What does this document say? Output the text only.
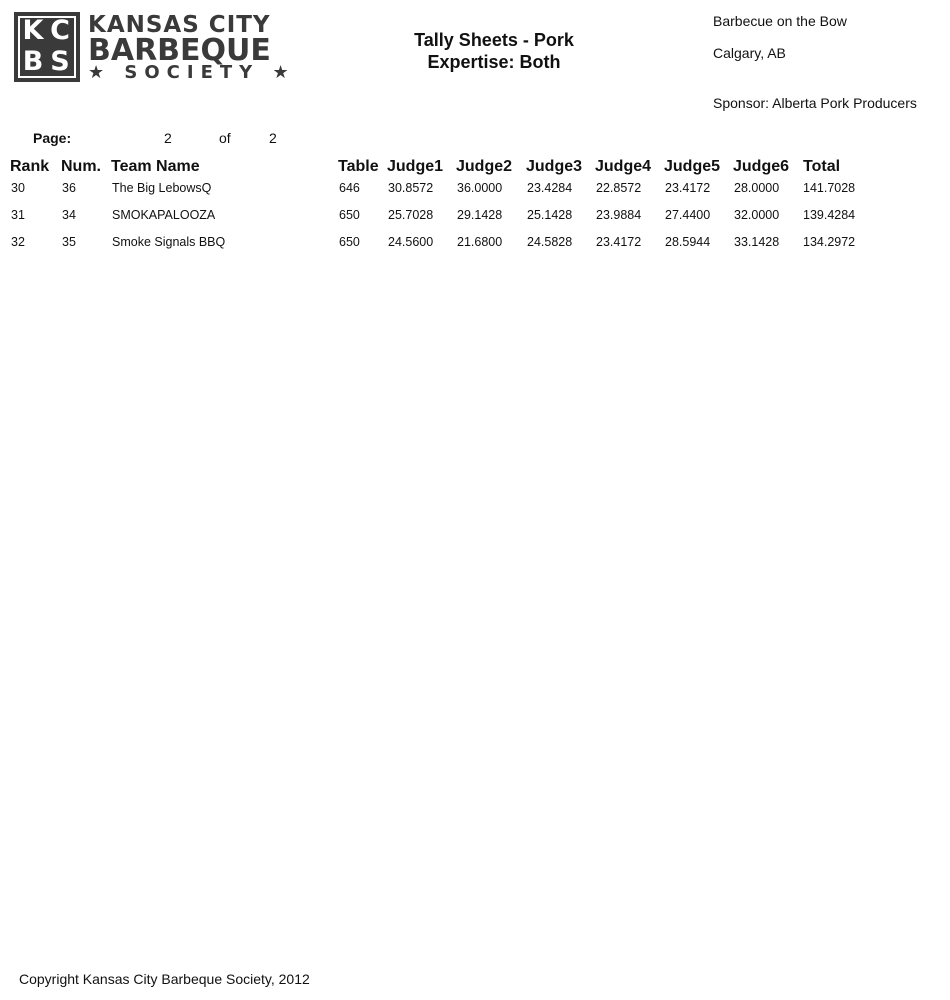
K C
B S
KANSAS CITY
BARBEQUE
★ SOCIETY ★
Tally Sheets - Pork
Expertise: Both
Barbecue on the Bow
Calgary, AB
Sponsor: Alberta Pork Producers
Page:	2	of	2
Rank Num. Team Name	Table Judge1 Judge2 Judge3 Judge4 Judge5 Judge6 Total
30	36	The Big LebowsQ	646 30.8572 36.0000 23.4284 22.8572 23.4172 28.0000 141.7028
31	34	SMOKAPALOOZA	650 25.7028 29.1428 25.1428 23.9884 27.4400 32.0000 139.4284
32	35	Smoke Signals BBQ	650 24.5600 21.6800 24.5828 23.4172 28.5944 33.1428 134.2972
Copyright Kansas City Barbeque Society, 2012
